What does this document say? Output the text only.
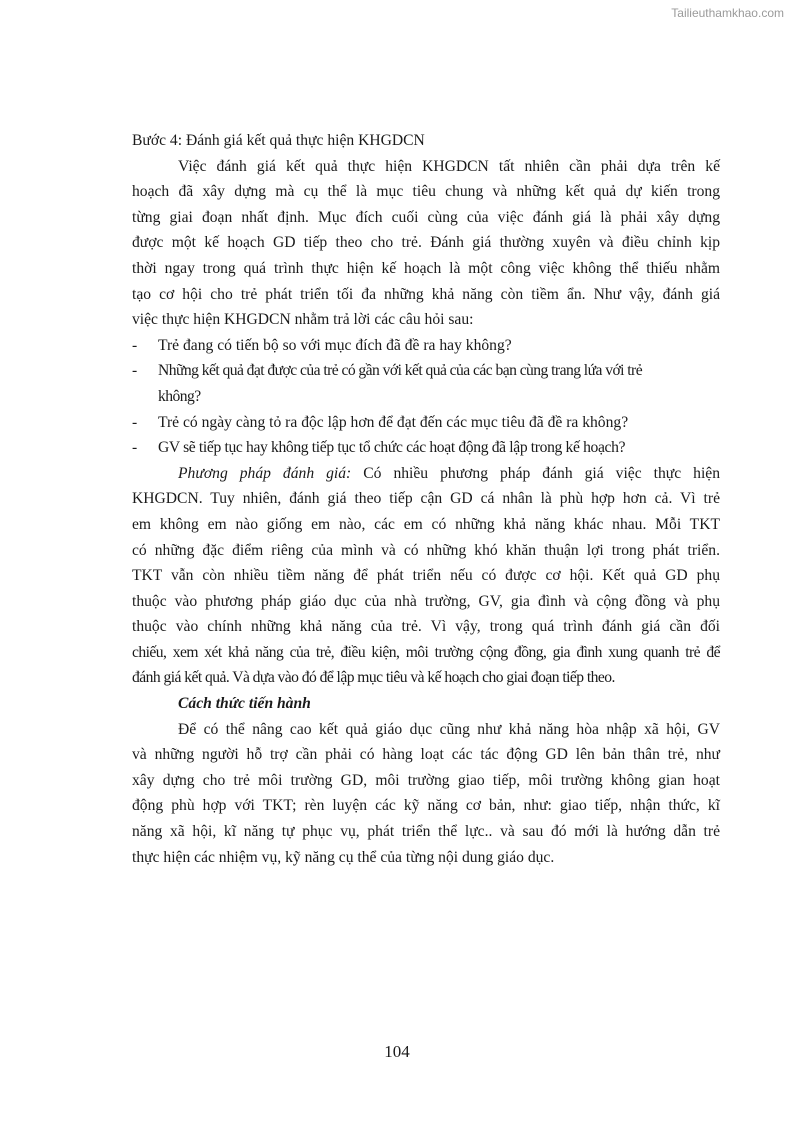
Tailieuthamkhao.com
Bước 4: Đánh giá kết quả thực hiện KHGDCN
Việc đánh giá kết quả thực hiện KHGDCN tất nhiên cần phải dựa trên kế
hoạch đã xây dựng mà cụ thể là mục tiêu chung và những kết quả dự kiến trong
từng giai đoạn nhất định. Mục đích cuối cùng của việc đánh giá là phải xây dựng
được một kế hoạch GD tiếp theo cho trẻ. Đánh giá thường xuyên và điều chỉnh kịp
thời ngay trong quá trình thực hiện kế hoạch là một công việc không thể thiếu nhằm
tạo cơ hội cho trẻ phát triển tối đa những khả năng còn tiềm ẩn. Như vậy, đánh giá
việc thực hiện KHGDCN nhằm trả lời các câu hỏi sau:
-	Trẻ đang có tiến bộ so với mục đích đã đề ra hay không?
-	Những kết quả đạt được của trẻ có gần với kết quả của các bạn cùng trang lứa với trẻ
không?
-	Trẻ có ngày càng tỏ ra độc lập hơn để đạt đến các mục tiêu đã đề ra không?
-	GV sẽ tiếp tục hay không tiếp tục tổ chức các hoạt động đã lập trong kế hoạch?
Phương pháp đánh giá: Có nhiều phương pháp đánh giá việc thực hiện
KHGDCN. Tuy nhiên, đánh giá theo tiếp cận GD cá nhân là phù hợp hơn cả. Vì trẻ
em không em nào giống em nào, các em có những khả năng khác nhau. Mỗi TKT
có những đặc điểm riêng của mình và có những khó khăn thuận lợi trong phát triển.
TKT vẫn còn nhiều tiềm năng để phát triển nếu có được cơ hội. Kết quả GD phụ
thuộc vào phương pháp giáo dục của nhà trường, GV, gia đình và cộng đồng và phụ
thuộc vào chính những khả năng của trẻ. Vì vậy, trong quá trình đánh giá cần đối
chiếu, xem xét khả năng của trẻ, điều kiện, môi trường cộng đồng, gia đình xung quanh trẻ để
đánh giá kết quả. Và dựa vào đó để lập mục tiêu và kế hoạch cho giai đoạn tiếp theo.
Cách thức tiến hành
Để có thể nâng cao kết quả giáo dục cũng như khả năng hòa nhập xã hội, GV
và những người hỗ trợ cần phải có hàng loạt các tác động GD lên bản thân trẻ, như
xây dựng cho trẻ môi trường GD, môi trường giao tiếp, môi trường không gian hoạt
động phù hợp với TKT; rèn luyện các kỹ năng cơ bản, như: giao tiếp, nhận thức, kĩ
năng xã hội, kĩ năng tự phục vụ, phát triển thể lực.. và sau đó mới là hướng dẫn trẻ
thực hiện các nhiệm vụ, kỹ năng cụ thể của từng nội dung giáo dục.
104
